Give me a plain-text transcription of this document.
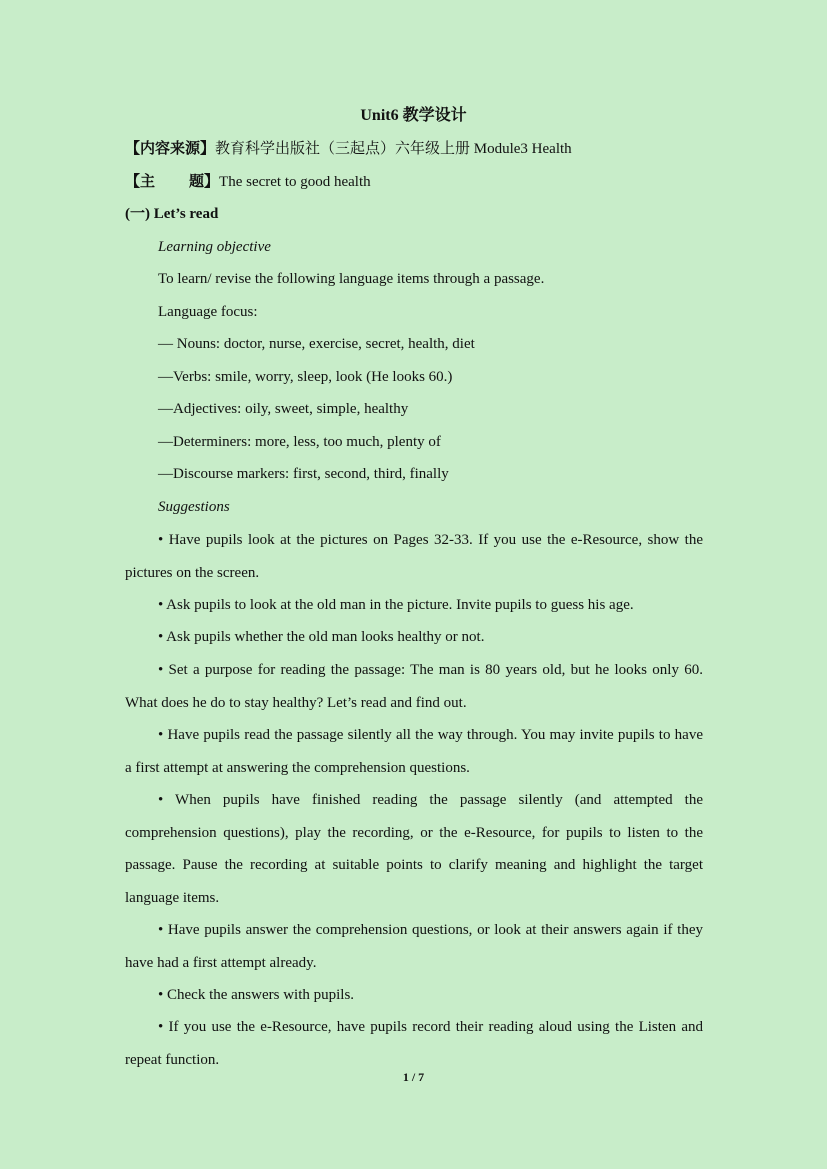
Unit6 教学设计
【内容来源】教育科学出版社（三起点）六年级上册 Module3 Health
【主 题】The secret to good health
(一) Let’s read
Learning objective
To learn/ revise the following language items through a passage.
Language focus:
— Nouns: doctor, nurse, exercise, secret, health, diet
—Verbs: smile, worry, sleep, look (He looks 60.)
—Adjectives: oily, sweet, simple, healthy
—Determiners: more, less, too much, plenty of
—Discourse markers: first, second, third, finally
Suggestions
• Have pupils look at the pictures on Pages 32-33. If you use the e-Resource, show the pictures on the screen.
• Ask pupils to look at the old man in the picture. Invite pupils to guess his age.
• Ask pupils whether the old man looks healthy or not.
• Set a purpose for reading the passage: The man is 80 years old, but he looks only 60. What does he do to stay healthy? Let’s read and find out.
• Have pupils read the passage silently all the way through. You may invite pupils to have a first attempt at answering the comprehension questions.
• When pupils have finished reading the passage silently (and attempted the comprehension questions), play the recording, or the e-Resource, for pupils to listen to the passage. Pause the recording at suitable points to clarify meaning and highlight the target language items.
• Have pupils answer the comprehension questions, or look at their answers again if they have had a first attempt already.
• Check the answers with pupils.
• If you use the e-Resource, have pupils record their reading aloud using the Listen and repeat function.
1 / 7
